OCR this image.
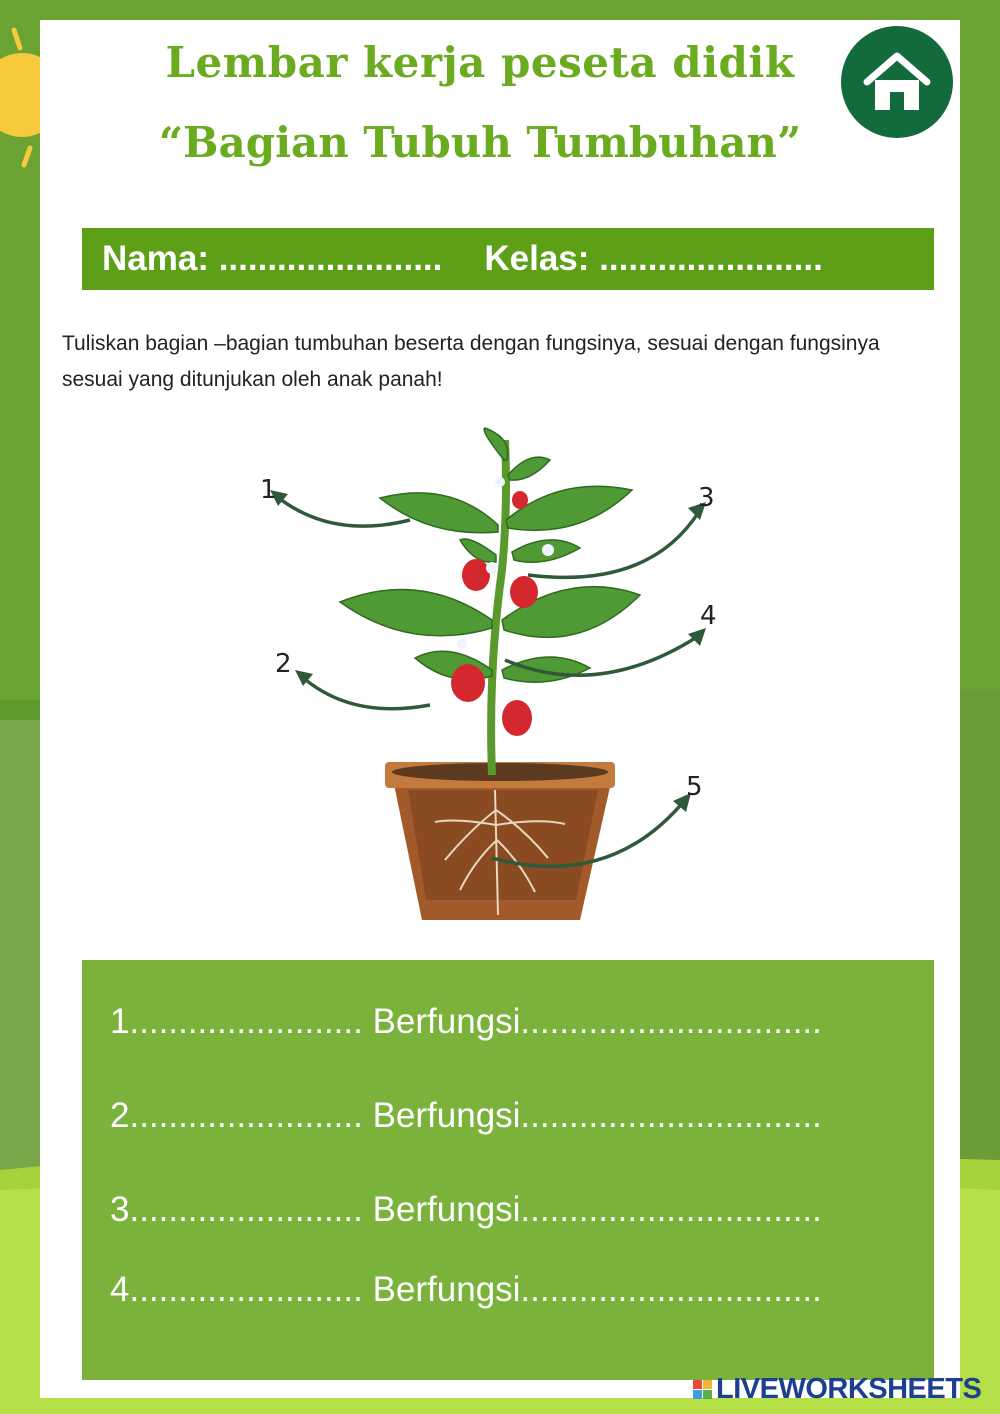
Lembar kerja peseta didik
“Bagian Tubuh Tumbuhan”
Nama: ....................... Kelas: .......................

Tuliskan bagian –bagian tumbuhan beserta dengan fungsinya, sesuai dengan fungsinya sesuai yang ditunjukan oleh anak panah!

1
2
3
4
5
1........................ Berfungsi...............................
2........................ Berfungsi...............................
3........................ Berfungsi...............................
4........................ Berfungsi...............................
LIVEWORKSHEETS
